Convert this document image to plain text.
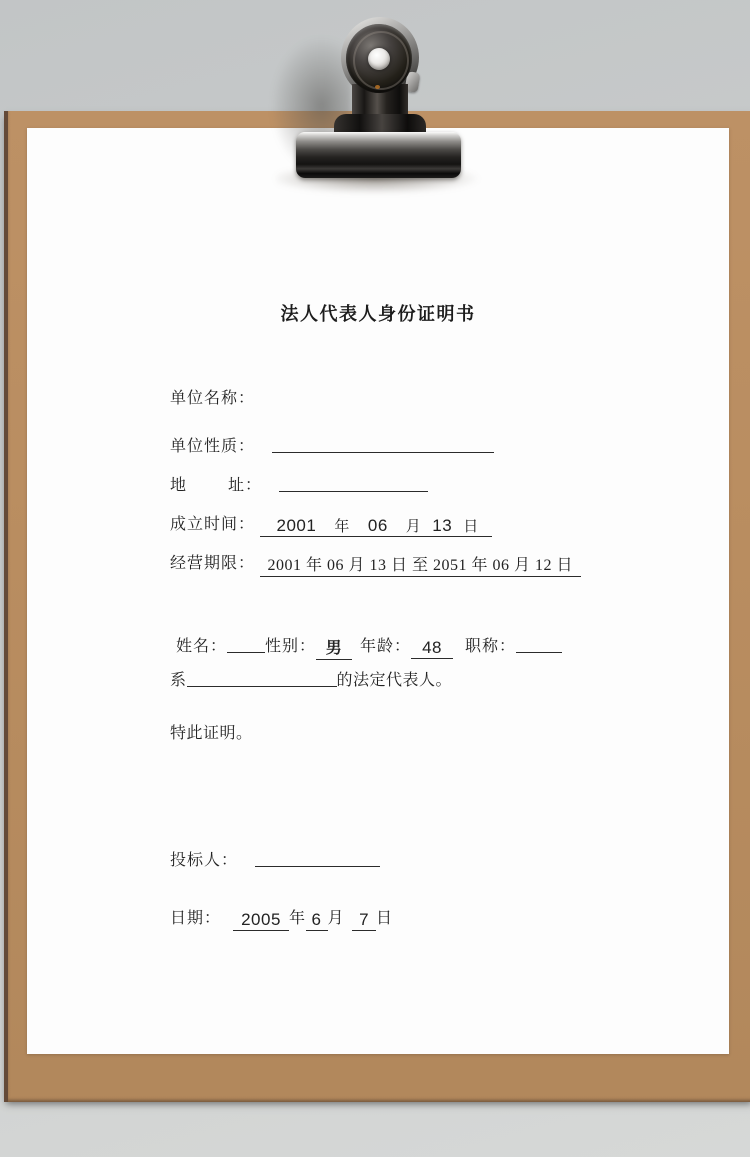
法人代表人身份证明书
单位名称：
单位性质：
地	址：
成立时间： 2001 年 06 月 13 日
经营期限： 2001 年 06 月 13 日 至 2051 年 06 月 12 日
姓名： 性别： 男 年龄： 48 职称：
系	的法定代表人。
特此证明。
投标人：
日期： 2005 年 6 月 7 日
